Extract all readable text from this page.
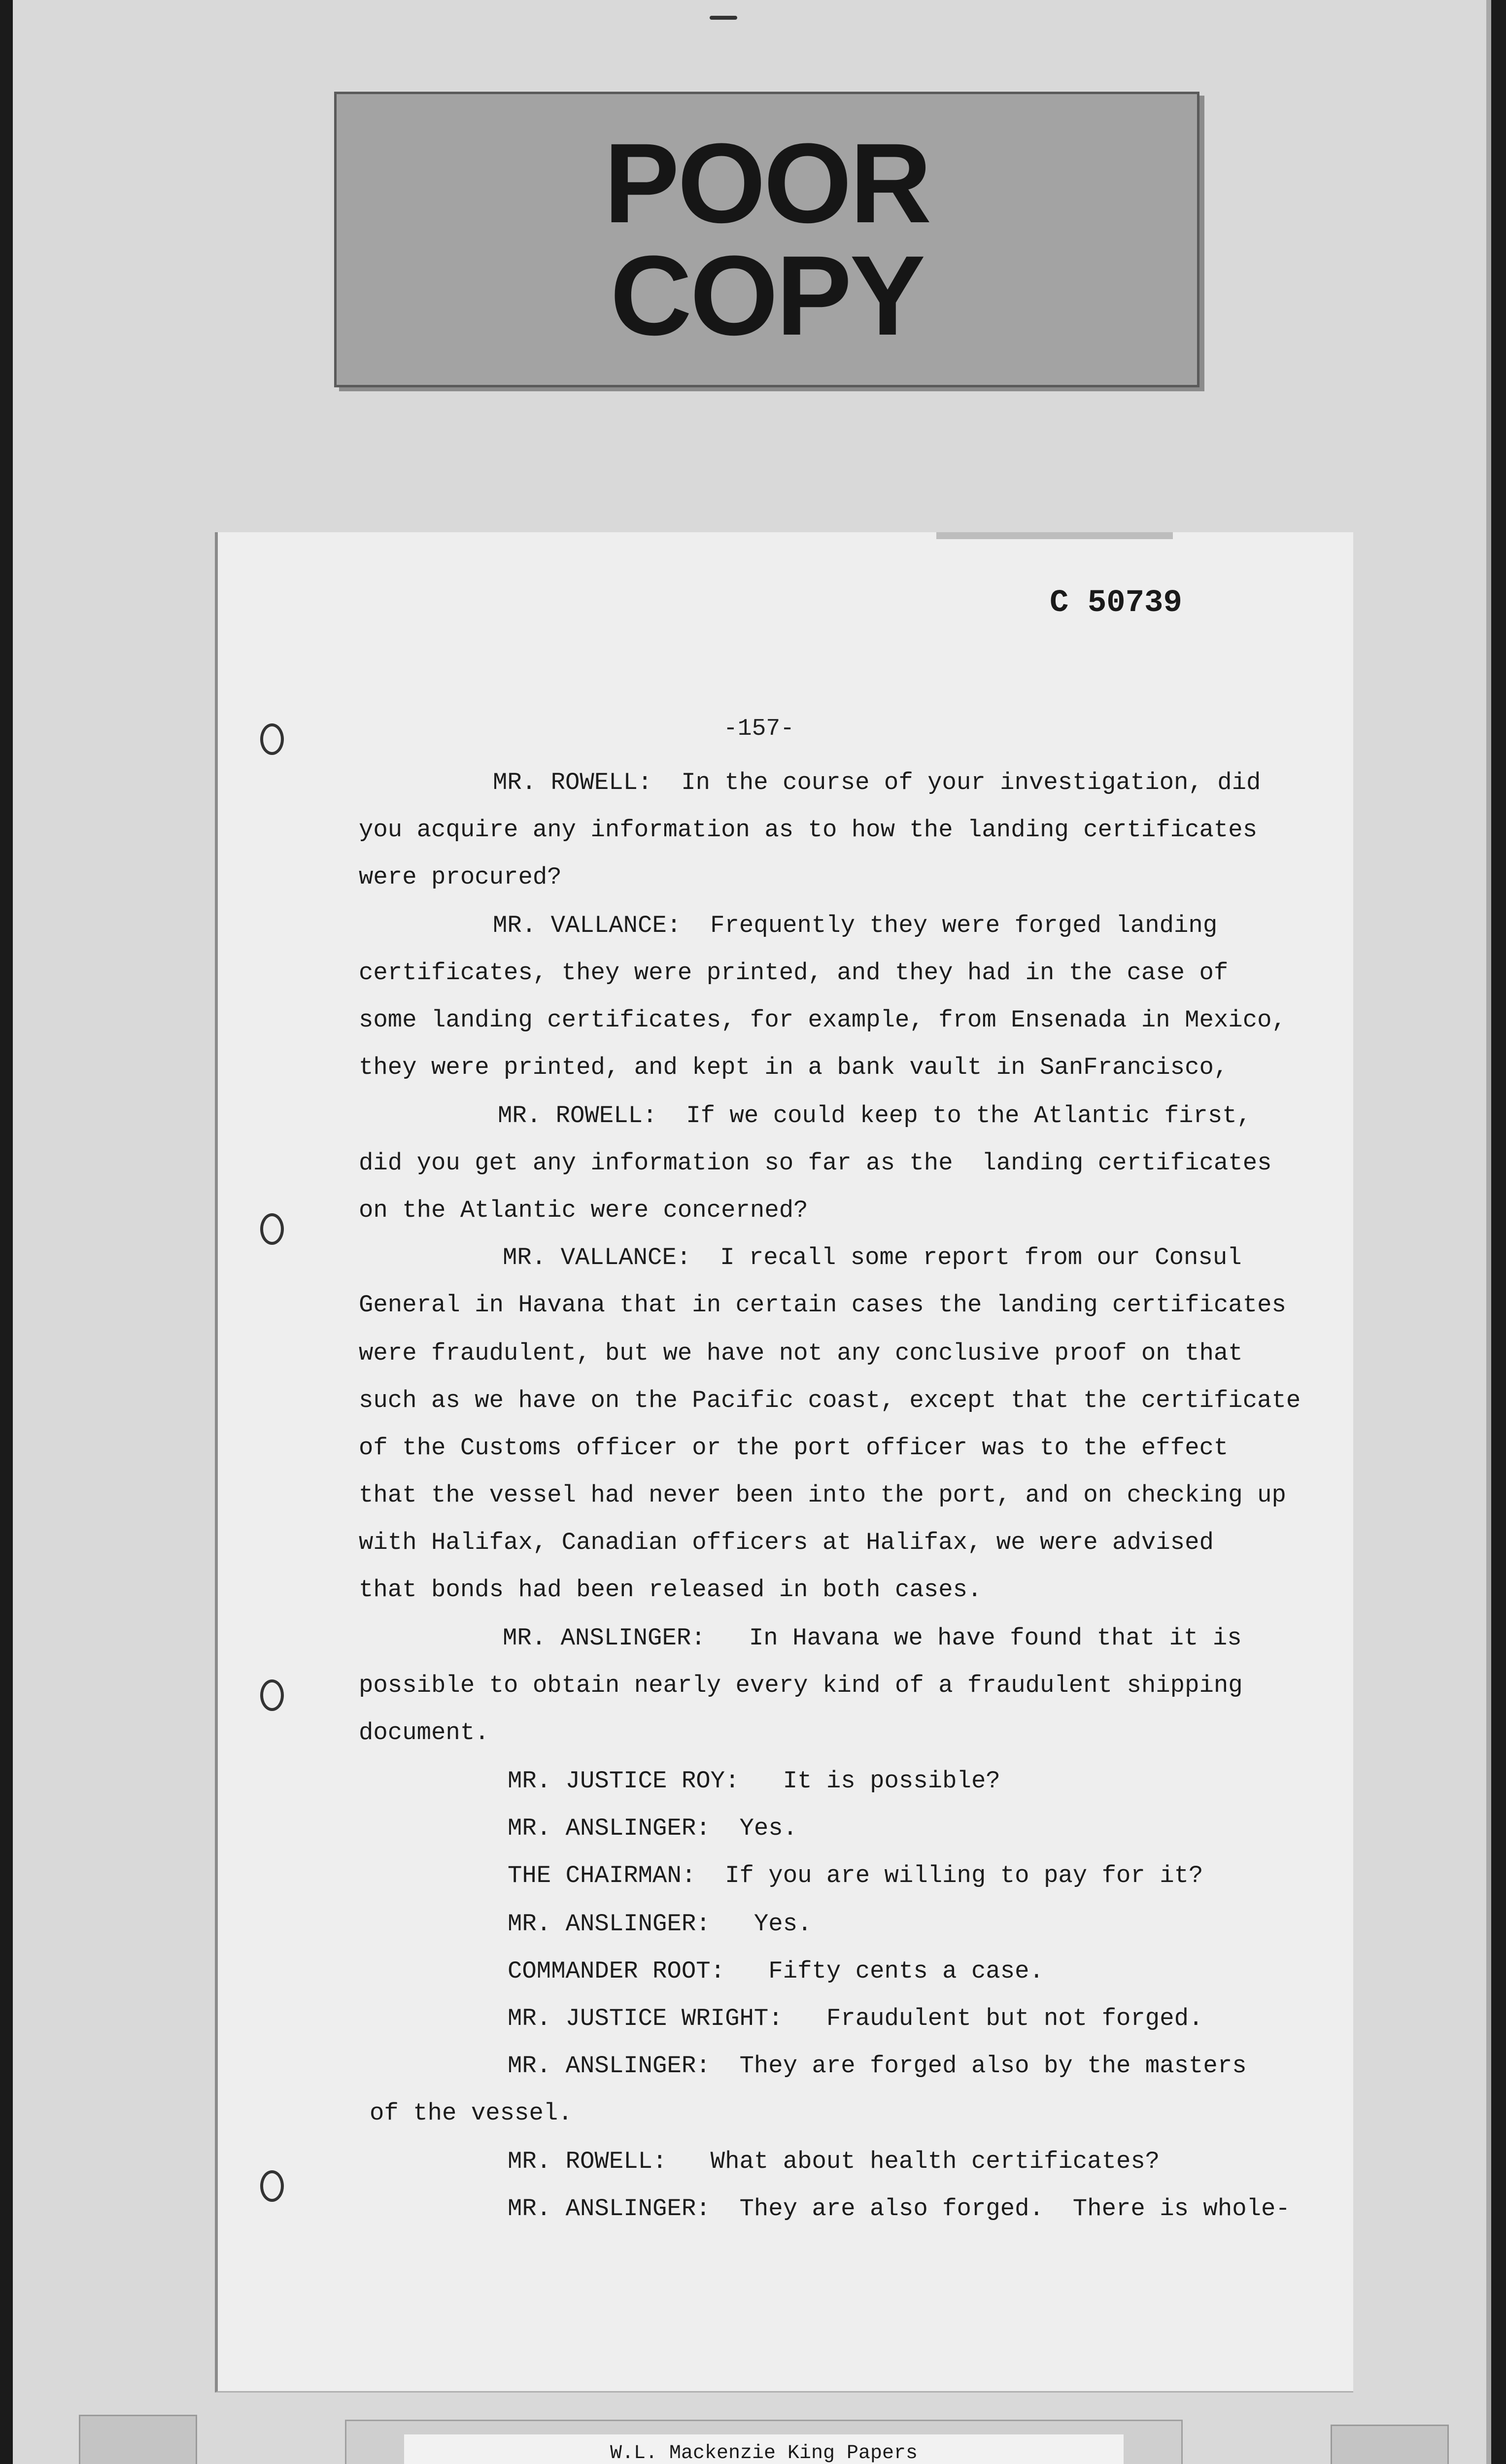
POOR
COPY
C 50739
-157-
MR. ROWELL:  In the course of your investigation, did
you acquire any information as to how the landing certificates
were procured?
MR. VALLANCE:  Frequently they were forged landing
certificates, they were printed, and they had in the case of
some landing certificates, for example, from Ensenada in Mexico,
they were printed, and kept in a bank vault in SanFrancisco,
MR. ROWELL:  If we could keep to the Atlantic first,
did you get any information so far as the  landing certificates
on the Atlantic were concerned?
MR. VALLANCE:  I recall some report from our Consul
General in Havana that in certain cases the landing certificates
were fraudulent, but we have not any conclusive proof on that
such as we have on the Pacific coast, except that the certificate
of the Customs officer or the port officer was to the effect
that the vessel had never been into the port, and on checking up
with Halifax, Canadian officers at Halifax, we were advised
that bonds had been released in both cases.
MR. ANSLINGER:   In Havana we have found that it is
possible to obtain nearly every kind of a fraudulent shipping
document.
MR. JUSTICE ROY:   It is possible?
MR. ANSLINGER:  Yes.
THE CHAIRMAN:  If you are willing to pay for it?
MR. ANSLINGER:   Yes.
COMMANDER ROOT:   Fifty cents a case.
MR. JUSTICE WRIGHT:   Fraudulent but not forged.
MR. ANSLINGER:  They are forged also by the masters
of the vessel.
MR. ROWELL:   What about health certificates?
MR. ANSLINGER:  They are also forged.  There is whole-
W.L. Mackenzie King Papers
